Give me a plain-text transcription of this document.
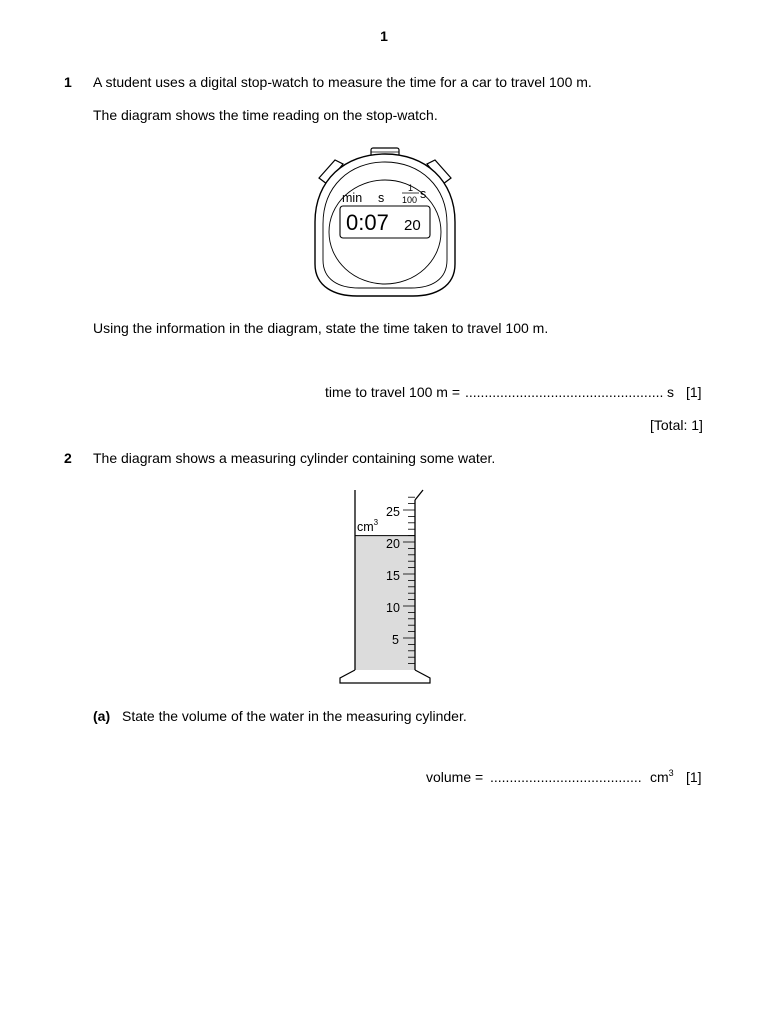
1
1 A student uses a digital stop-watch to measure the time for a car to travel 100 m.
The diagram shows the time reading on the stop-watch.
min s
1
100 s
0:07 20
Using the information in the diagram, state the time taken to travel 100 m.
time to travel 100 m = ................................................... s [1]
[Total: 1]
2 The diagram shows a measuring cylinder containing some water.
25
20
15
10
5
$cm^3$
(a) State the volume of the water in the measuring cylinder.
volume = ....................................... $cm^3$ [1]
